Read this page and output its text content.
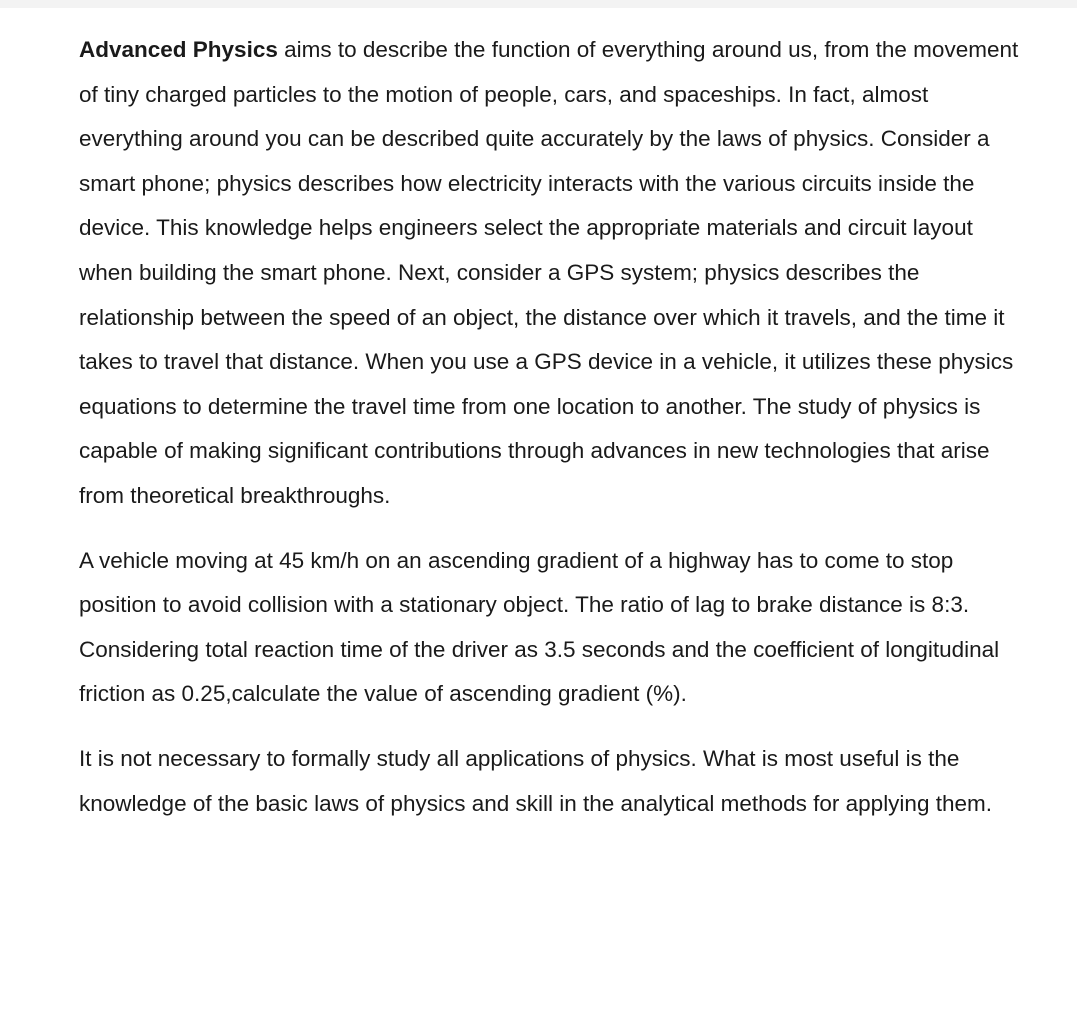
Advanced Physics aims to describe the function of everything around us, from the movement of tiny charged particles to the motion of people, cars, and spaceships. In fact, almost everything around you can be described quite accurately by the laws of physics. Consider a smart phone; physics describes how electricity interacts with the various circuits inside the device. This knowledge helps engineers select the appropriate materials and circuit layout when building the smart phone. Next, consider a GPS system; physics describes the relationship between the speed of an object, the distance over which it travels, and the time it takes to travel that distance. When you use a GPS device in a vehicle, it utilizes these physics equations to determine the travel time from one location to another. The study of physics is capable of making significant contributions through advances in new technologies that arise from theoretical breakthroughs.

A vehicle moving at 45 km/h on an ascending gradient of a highway has to come to stop position to avoid collision with a stationary object. The ratio of lag to brake distance is 8:3. Considering total reaction time of the driver as 3.5 seconds and the coefficient of longitudinal friction as 0.25,calculate the value of ascending gradient (%).

It is not necessary to formally study all applications of physics. What is most useful is the knowledge of the basic laws of physics and skill in the analytical methods for applying them.
